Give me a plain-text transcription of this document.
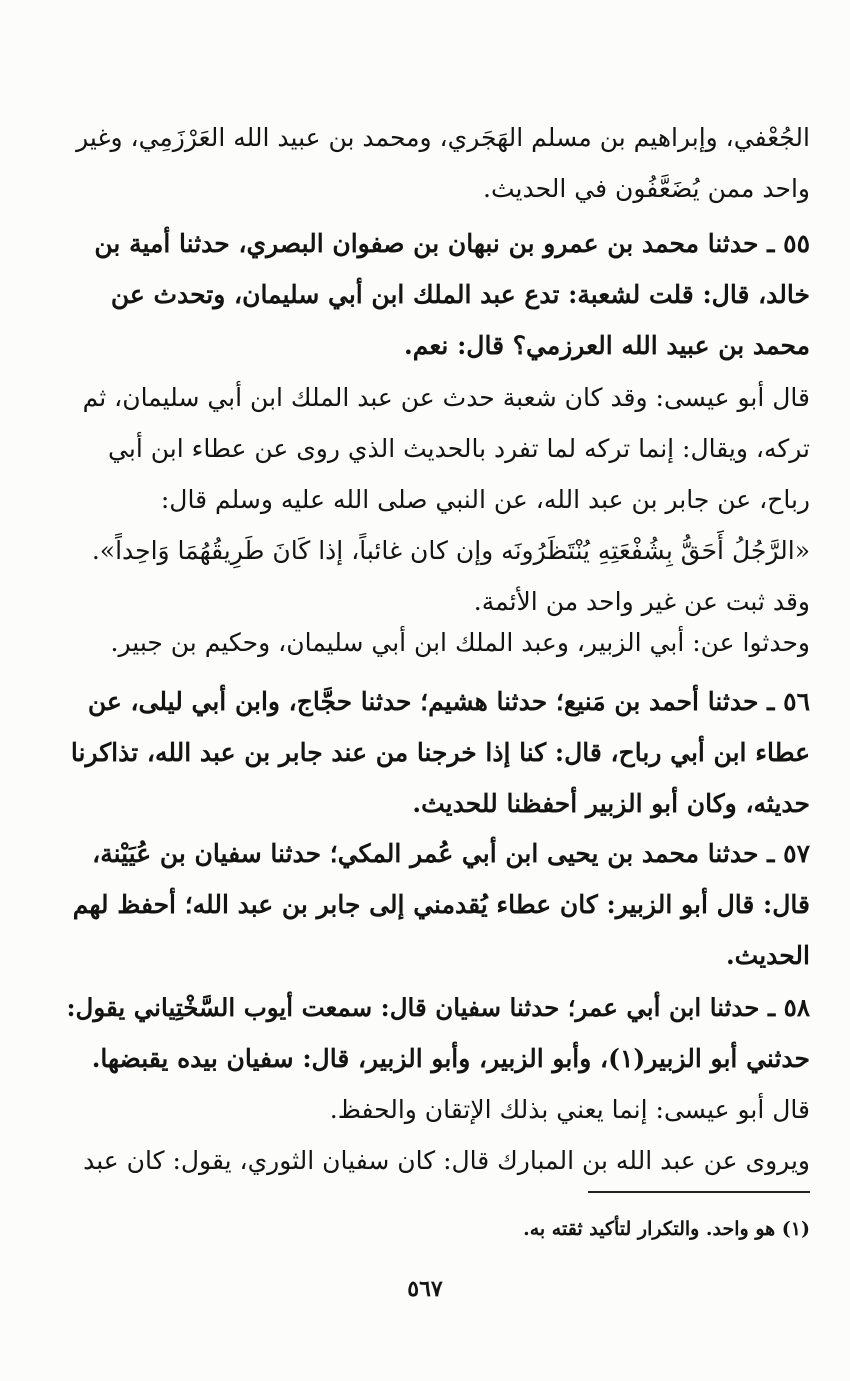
الجُعْفي، وإبراهيم بن مسلم الهَجَري، ومحمد بن عبيد الله العَرْزَمِي، وغير
واحد ممن يُضَعَّفُون في الحديث.
٥٥ ـ حدثنا محمد بن عمرو بن نبهان بن صفوان البصري، حدثنا أمية بن
خالد، قال: قلت لشعبة: تدع عبد الملك ابن أبي سليمان، وتحدث عن
محمد بن عبيد الله العرزمي؟ قال: نعم.
قال أبو عيسى: وقد كان شعبة حدث عن عبد الملك ابن أبي سليمان، ثم
تركه، ويقال: إنما تركه لما تفرد بالحديث الذي روى عن عطاء ابن أبي
رباح، عن جابر بن عبد الله، عن النبي صلى الله عليه وسلم قال:
«الرَّجُلُ أَحَقُّ بِشُفْعَتِهِ يُنْتَظَرُونَه وإن كان غائباً، إذا كَانَ طَرِيقُهُمَا وَاحِداً».
وقد ثبت عن غير واحد من الأئمة.
وحدثوا عن: أبي الزبير، وعبد الملك ابن أبي سليمان، وحكيم بن جبير.
٥٦ ـ حدثنا أحمد بن مَنيع؛ حدثنا هشيم؛ حدثنا حجَّاج، وابن أبي ليلى، عن
عطاء ابن أبي رباح، قال: كنا إذا خرجنا من عند جابر بن عبد الله، تذاكرنا
حديثه، وكان أبو الزبير أحفظنا للحديث.
٥٧ ـ حدثنا محمد بن يحيى ابن أبي عُمر المكي؛ حدثنا سفيان بن عُيَيْنة،
قال: قال أبو الزبير: كان عطاء يُقدمني إلى جابر بن عبد الله؛ أحفظ لهم
الحديث.
٥٨ ـ حدثنا ابن أبي عمر؛ حدثنا سفيان قال: سمعت أيوب السَّخْتِياني يقول:
حدثني أبو الزبير(١)، وأبو الزبير، وأبو الزبير، قال: سفيان بيده يقبضها.
قال أبو عيسى: إنما يعني بذلك الإتقان والحفظ.
ويروى عن عبد الله بن المبارك قال: كان سفيان الثوري، يقول: كان عبد
(١) هو واحد. والتكرار لتأكيد ثقته به.
٥٦٧
